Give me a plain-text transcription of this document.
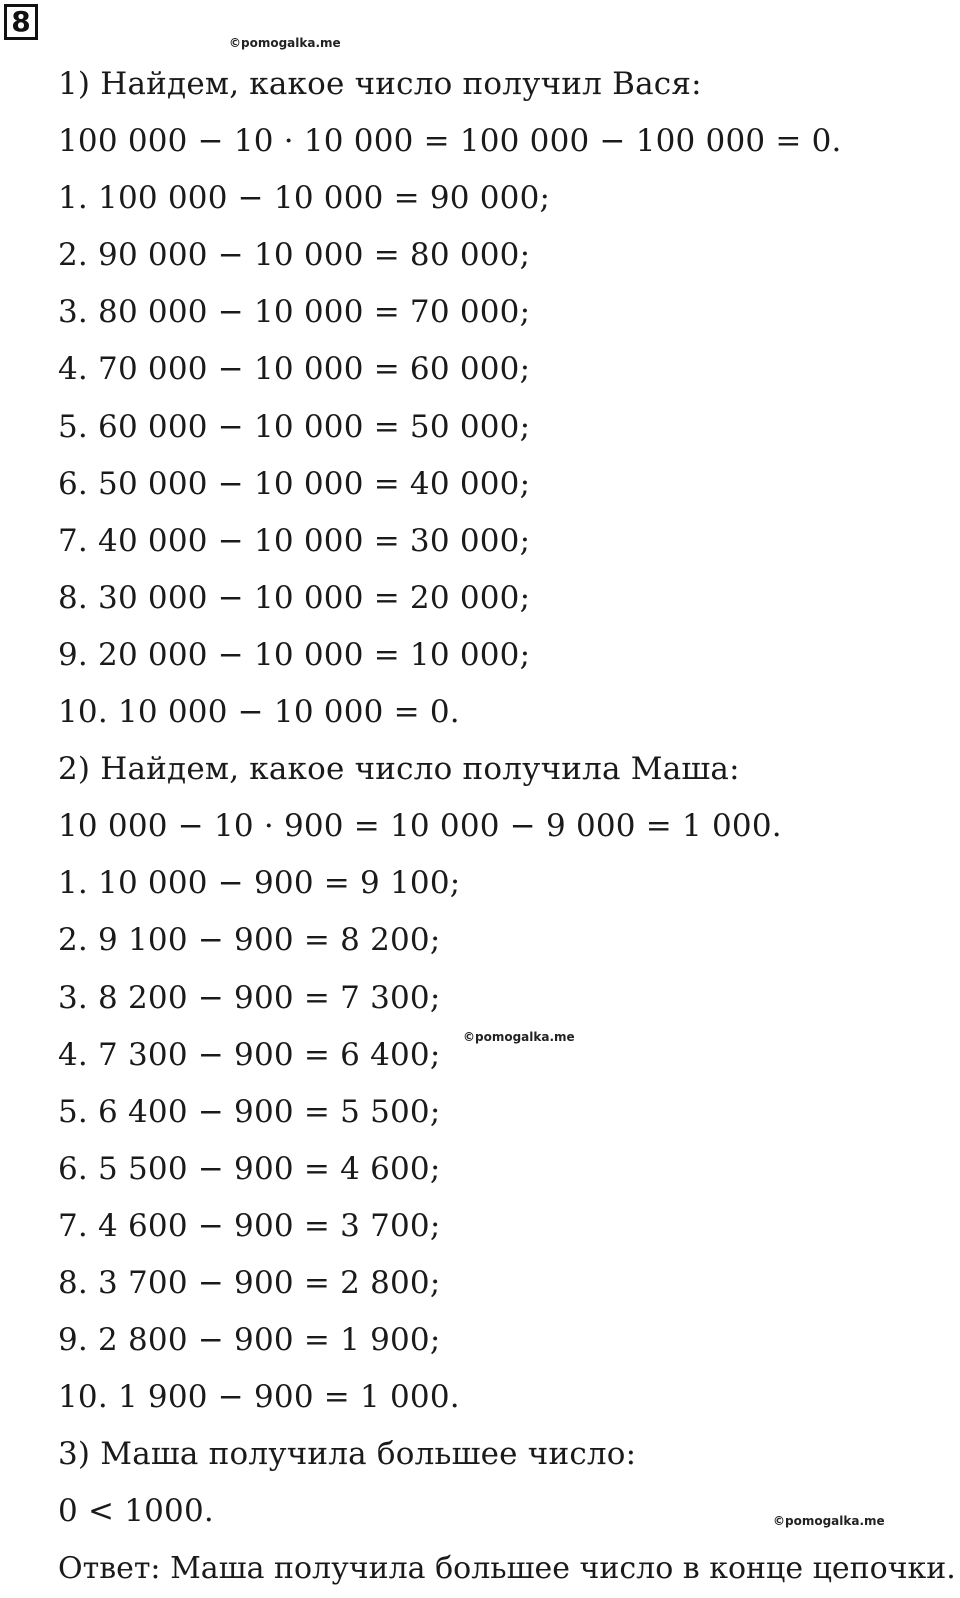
8
©pomogalka.me
©pomogalka.me
©pomogalka.me
1) Найдем, какое число получил Вася:
100 000 − 10 · 10 000 = 100 000 − 100 000 = 0.
1. 100 000 − 10 000 = 90 000;
2. 90 000 − 10 000 = 80 000;
3. 80 000 − 10 000 = 70 000;
4. 70 000 − 10 000 = 60 000;
5. 60 000 − 10 000 = 50 000;
6. 50 000 − 10 000 = 40 000;
7. 40 000 − 10 000 = 30 000;
8. 30 000 − 10 000 = 20 000;
9. 20 000 − 10 000 = 10 000;
10. 10 000 − 10 000 = 0.
2) Найдем, какое число получила Маша:
10 000 − 10 · 900 = 10 000 − 9 000 = 1 000.
1. 10 000 − 900 = 9 100;
2. 9 100 − 900 = 8 200;
3. 8 200 − 900 = 7 300;
4. 7 300 − 900 = 6 400;
5. 6 400 − 900 = 5 500;
6. 5 500 − 900 = 4 600;
7. 4 600 − 900 = 3 700;
8. 3 700 − 900 = 2 800;
9. 2 800 − 900 = 1 900;
10. 1 900 − 900 = 1 000.
3) Маша получила большее число:
0 < 1000.
Ответ: Маша получила большее число в конце цепочки.
